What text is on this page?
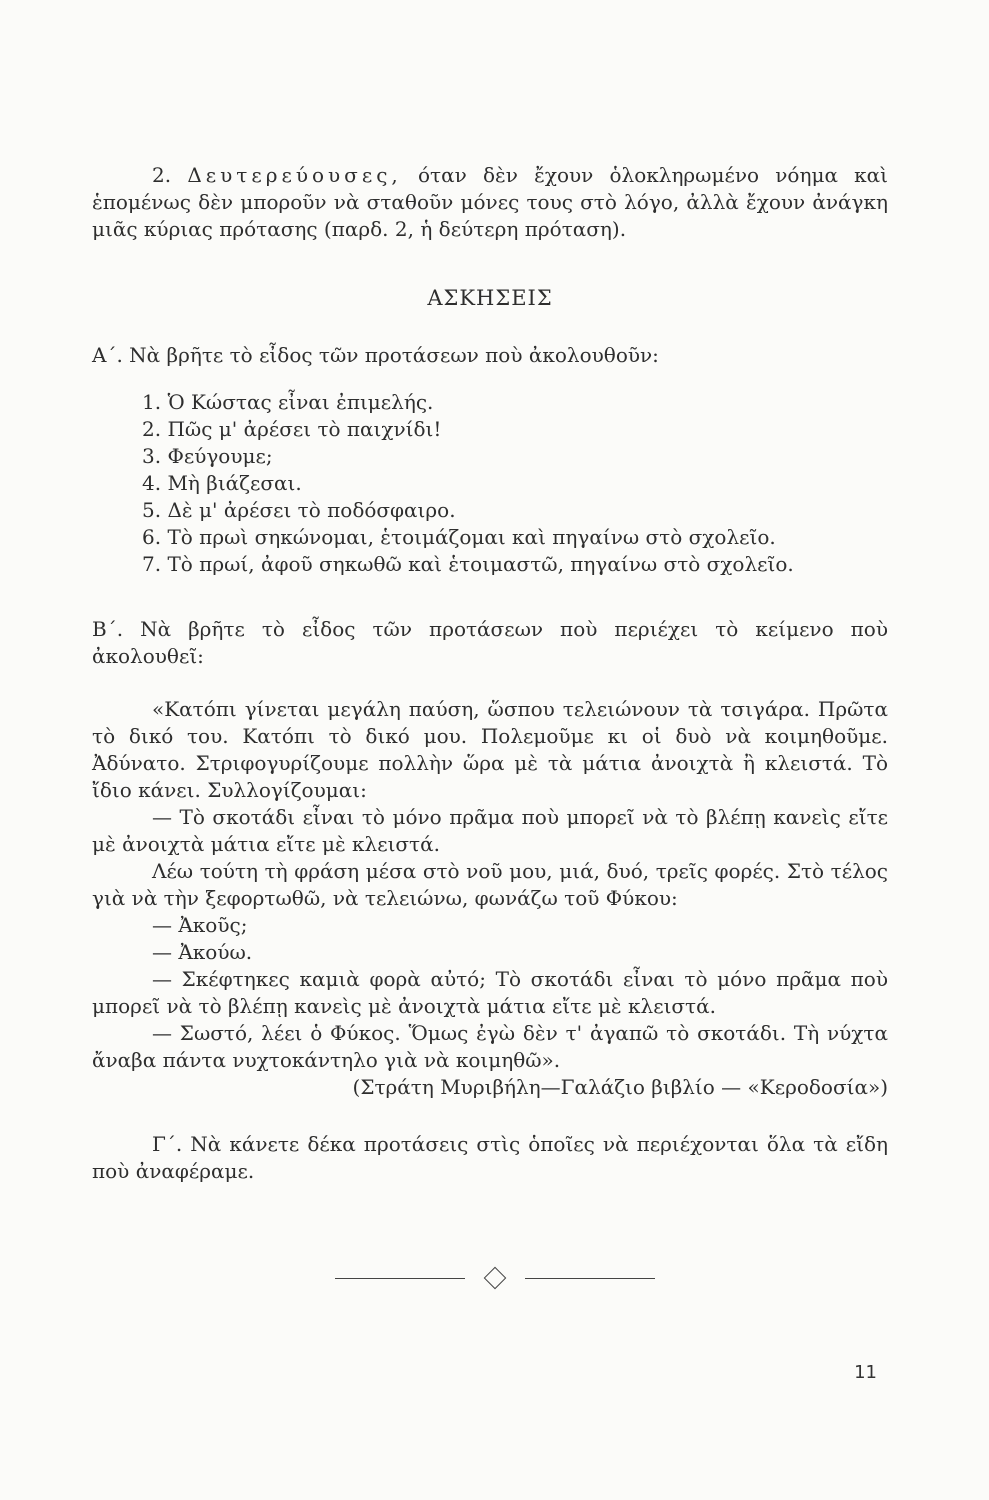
2. Δευτερεύουσες, όταν δὲν ἔχουν ὁλοκληρωμένο νόημα καὶ ἑπομένως δὲν μποροῦν νὰ σταθοῦν μόνες τους στὸ λόγο, ἀλλὰ ἔχουν ἀνάγκη μιᾶς κύριας πρότασης (παρδ. 2, ἡ δεύτερη πρόταση).

ΑΣΚΗΣΕΙΣ

Α΄. Νὰ βρῆτε τὸ εἶδος τῶν προτάσεων ποὺ ἀκολουθοῦν:

1. Ὁ Κώστας εἶναι ἐπιμελής.
2. Πῶς μ' ἀρέσει τὸ παιχνίδι!
3. Φεύγουμε;
4. Μὴ βιάζεσαι.
5. Δὲ μ' ἀρέσει τὸ ποδόσφαιρο.
6. Τὸ πρωὶ σηκώνομαι, ἑτοιμάζομαι καὶ πηγαίνω στὸ σχολεῖο.
7. Τὸ πρωί, ἀφοῦ σηκωθῶ καὶ ἑτοιμαστῶ, πηγαίνω στὸ σχολεῖο.

Β΄. Νὰ βρῆτε τὸ εἶδος τῶν προτάσεων ποὺ περιέχει τὸ κείμενο ποὺ ἀκολουθεῖ:

«Κατόπι γίνεται μεγάλη παύση, ὥσπου τελειώνουν τὰ τσιγάρα. Πρῶτα τὸ δικό του. Κατόπι τὸ δικό μου. Πολεμοῦμε κι οἱ δυὸ νὰ κοιμηθοῦμε. Ἀδύνατο. Στριφογυρίζουμε πολλὴν ὥρα μὲ τὰ μάτια ἀνοιχτὰ ἢ κλειστά. Τὸ ἴδιο κάνει. Συλλογίζουμαι:

— Τὸ σκοτάδι εἶναι τὸ μόνο πρᾶμα ποὺ μπορεῖ νὰ τὸ βλέπῃ κανεὶς εἴτε μὲ ἀνοιχτὰ μάτια εἴτε μὲ κλειστά.

Λέω τούτη τὴ φράση μέσα στὸ νοῦ μου, μιά, δυό, τρεῖς φορές. Στὸ τέλος γιὰ νὰ τὴν ξεφορτωθῶ, νὰ τελειώνω, φωνάζω τοῦ Φύκου:

— Ἀκοῦς;

— Ἀκούω.

— Σκέφτηκες καμιὰ φορὰ αὐτό; Τὸ σκοτάδι εἶναι τὸ μόνο πρᾶμα ποὺ μπορεῖ νὰ τὸ βλέπῃ κανεὶς μὲ ἀνοιχτὰ μάτια εἴτε μὲ κλειστά.

— Σωστό, λέει ὁ Φύκος. Ὅμως ἐγὼ δὲν τ' ἀγαπῶ τὸ σκοτάδι. Τὴ νύχτα ἄναβα πάντα νυχτοκάντηλο γιὰ νὰ κοιμηθῶ».

(Στράτη Μυριβήλη—Γαλάζιο βιβλίο — «Κεροδοσία»)

Γ΄. Νὰ κάνετε δέκα προτάσεις στὶς ὁποῖες νὰ περιέχονται ὅλα τὰ εἴδη ποὺ ἀναφέραμε.

11
